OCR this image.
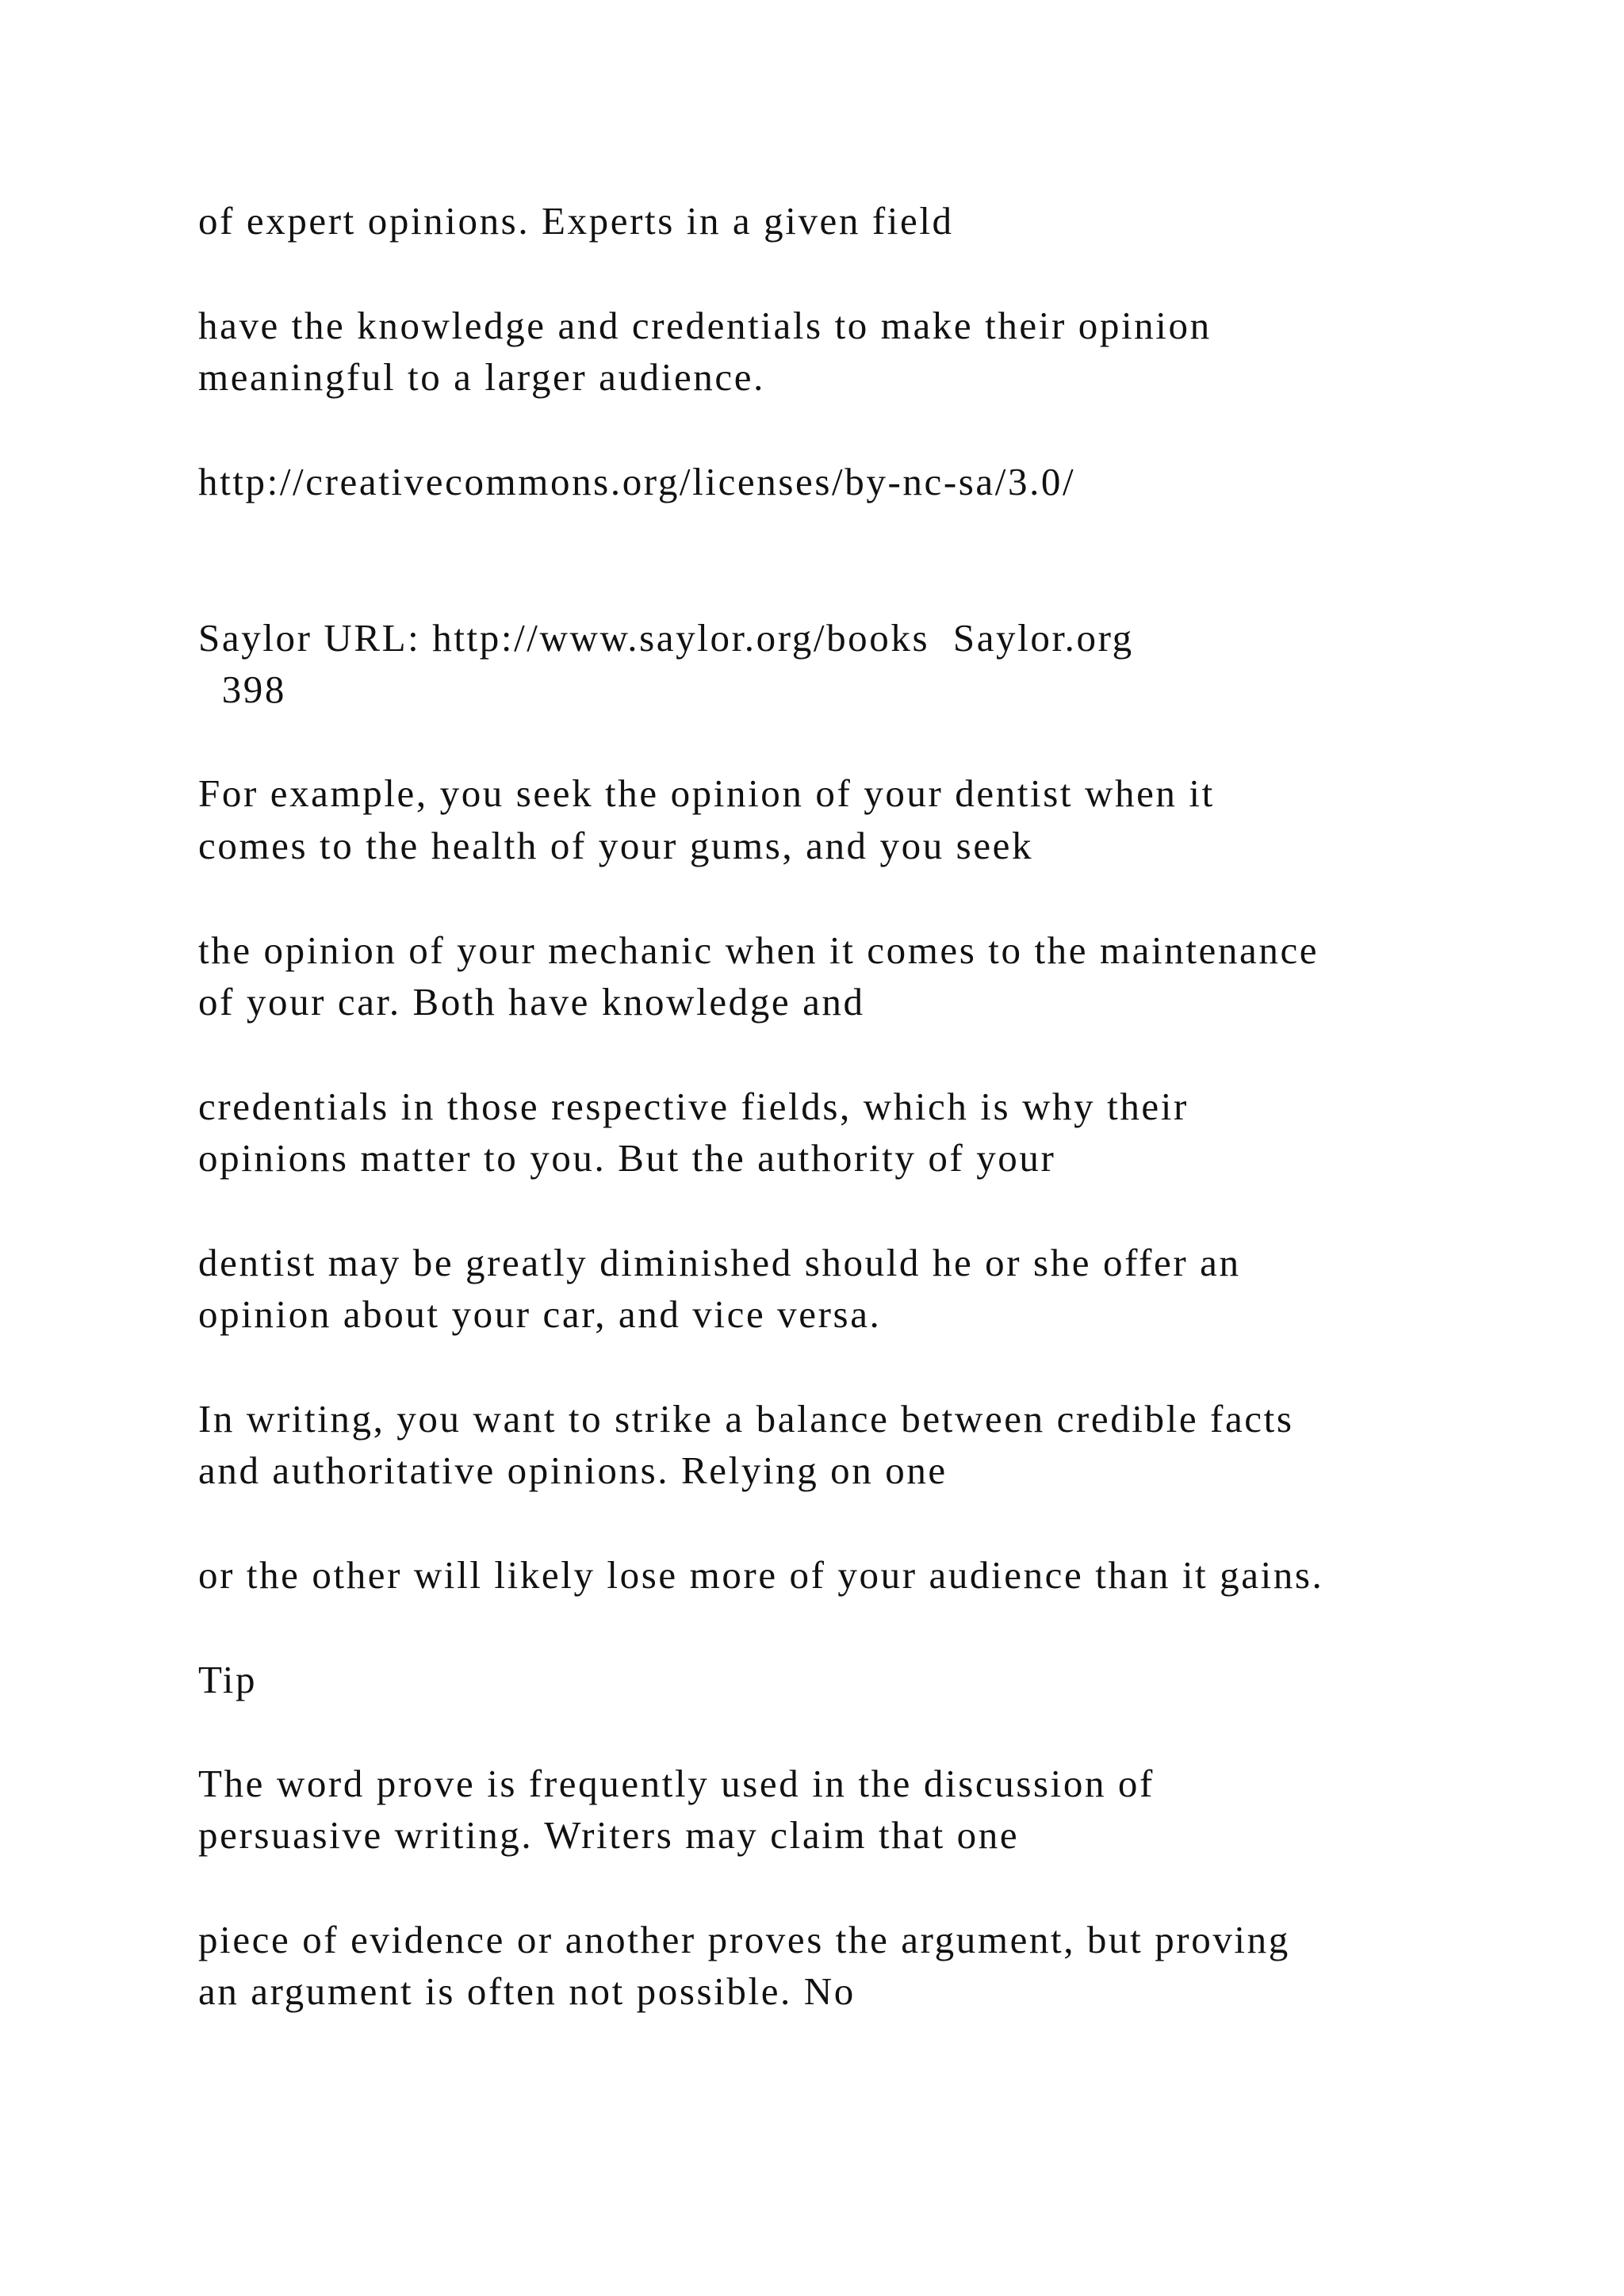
of expert opinions. Experts in a given field

have the knowledge and credentials to make their opinion

meaningful to a larger audience.

http://creativecommons.org/licenses/by-nc-sa/3.0/

Saylor URL: http://www.saylor.org/books  Saylor.org

398

For example, you seek the opinion of your dentist when it

comes to the health of your gums, and you seek

the opinion of your mechanic when it comes to the maintenance

of your car. Both have knowledge and

credentials in those respective fields, which is why their

opinions matter to you. But the authority of your

dentist may be greatly diminished should he or she offer an

opinion about your car, and vice versa.

In writing, you want to strike a balance between credible facts

and authoritative opinions. Relying on one

or the other will likely lose more of your audience than it gains.

Tip

The word prove is frequently used in the discussion of

persuasive writing. Writers may claim that one

piece of evidence or another proves the argument, but proving

an argument is often not possible. No
